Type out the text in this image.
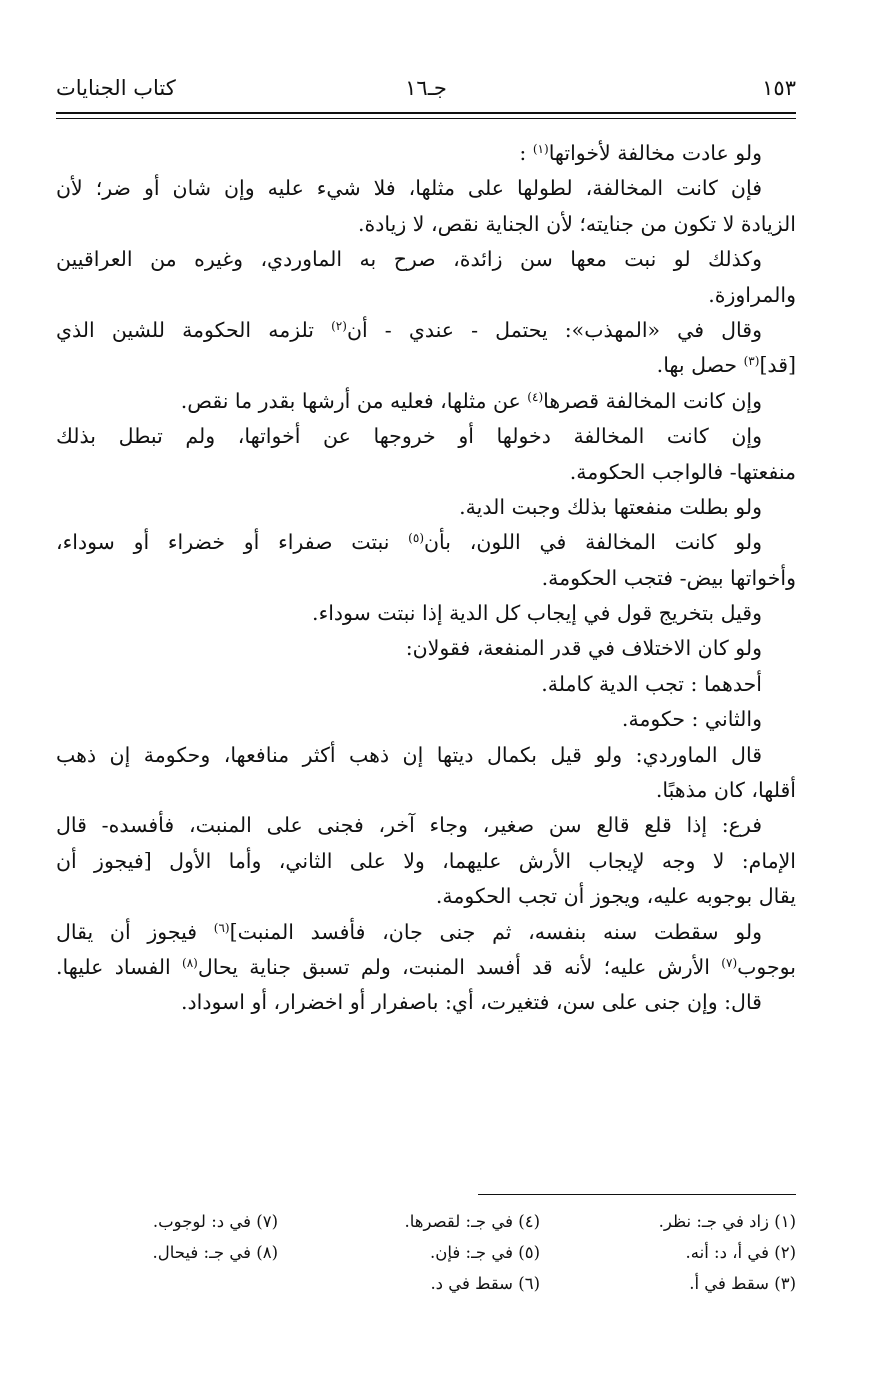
١٥٣
جـ١٦
كتاب الجنايات
ولو عادت مخالفة لأخواتها$^{(١)}$ :
فإن كانت المخالفة، لطولها على مثلها، فلا شيء عليه وإن شان أو ضر؛ لأن
الزيادة لا تكون من جنايته؛ لأن الجناية نقص، لا زيادة.
وكذلك لو نبت معها سن زائدة، صرح به الماوردي، وغيره من العراقيين
والمراوزة.
وقال في «المهذب»: يحتمل - عندي - أن$^{(٢)}$ تلزمه الحكومة للشين الذي
[قد]$^{(٣)}$ حصل بها.
وإن كانت المخالفة قصرها$^{(٤)}$ عن مثلها، فعليه من أرشها بقدر ما نقص.
وإن كانت المخالفة دخولها أو خروجها عن أخواتها، ولم تبطل بذلك
منفعتها- فالواجب الحكومة.
ولو بطلت منفعتها بذلك وجبت الدية.
ولو كانت المخالفة في اللون، بأن$^{(٥)}$ نبتت صفراء أو خضراء أو سوداء،
وأخواتها بيض- فتجب الحكومة.
وقيل بتخريج قول في إيجاب كل الدية إذا نبتت سوداء.
ولو كان الاختلاف في قدر المنفعة، فقولان:
أحدهما : تجب الدية كاملة.
والثاني : حكومة.
قال الماوردي: ولو قيل بكمال ديتها إن ذهب أكثر منافعها، وحكومة إن ذهب
أقلها، كان مذهبًا.
فرع: إذا قلع قالع سن صغير، وجاء آخر، فجنى على المنبت، فأفسده- قال
الإمام: لا وجه لإيجاب الأرش عليهما، ولا على الثاني، وأما الأول [فيجوز أن
يقال بوجوبه عليه، ويجوز أن تجب الحكومة.
ولو سقطت سنه بنفسه، ثم جنى جان، فأفسد المنبت]$^{(٦)}$ فيجوز أن يقال
بوجوب$^{(٧)}$ الأرش عليه؛ لأنه قد أفسد المنبت، ولم تسبق جناية يحال$^{(٨)}$ الفساد عليها.
قال: وإن جنى على سن، فتغيرت، أي: باصفرار أو اخضرار، أو اسوداد.
(١) زاد في جـ: نظر.
(٤) في جـ: لقصرها.
(٧) في د: لوجوب.
(٢) في أ، د: أنه.
(٥) في جـ: فإن.
(٨) في جـ: فيحال.
(٣) سقط في أ.
(٦) سقط في د.
